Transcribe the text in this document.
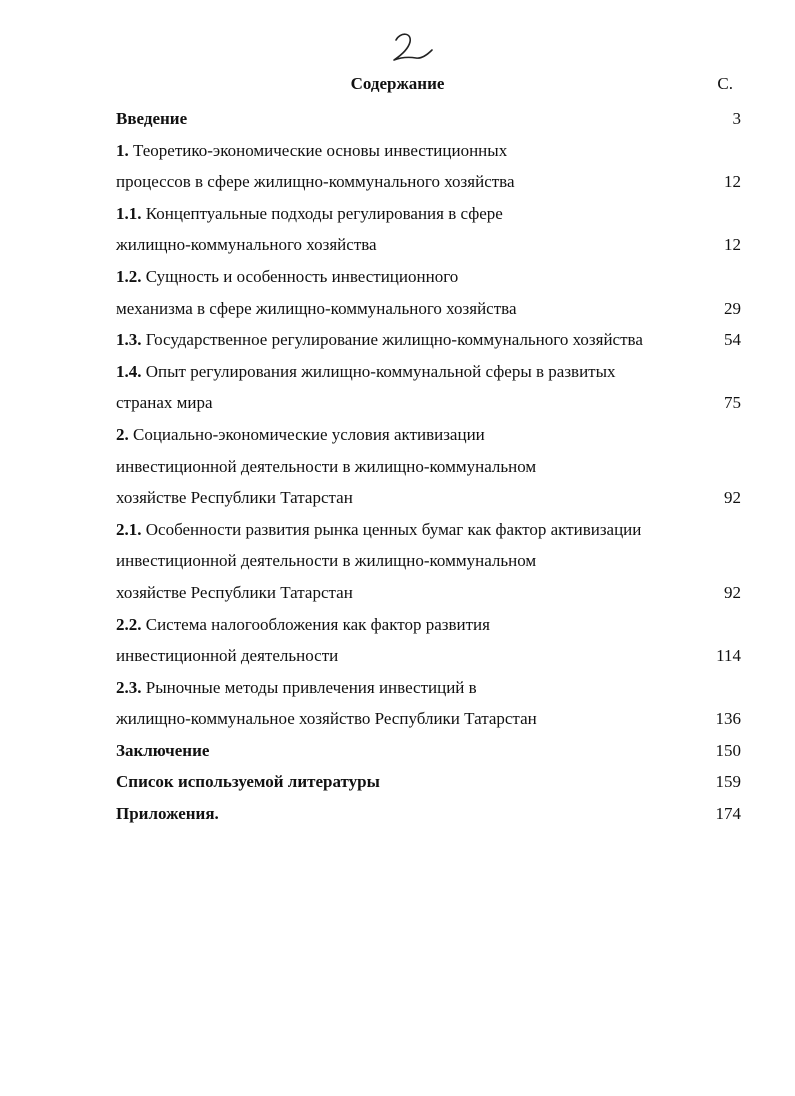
Содержание	С.
Введение	3
1. Теоретико-экономические основы инвестиционных
процессов в сфере жилищно-коммунального хозяйства	12
1.1. Концептуальные подходы регулирования в сфере
жилищно-коммунального хозяйства	12
1.2. Сущность и особенность инвестиционного
механизма в сфере жилищно-коммунального хозяйства	29
1.3. Государственное регулирование жилищно-коммунального хозяйства	54
1.4. Опыт регулирования жилищно-коммунальной сферы в развитых
странах мира	75
2. Социально-экономические условия активизации
инвестиционной деятельности в жилищно-коммунальном
хозяйстве Республики Татарстан	92
2.1. Особенности развития рынка ценных бумаг как фактор активизации
инвестиционной деятельности в жилищно-коммунальном
хозяйстве Республики Татарстан	92
2.2. Система налогообложения как фактор развития
инвестиционной деятельности	114
2.3. Рыночные методы привлечения инвестиций в
жилищно-коммунальное хозяйство Республики Татарстан	136
Заключение	150
Список используемой литературы	159
Приложения.	174
